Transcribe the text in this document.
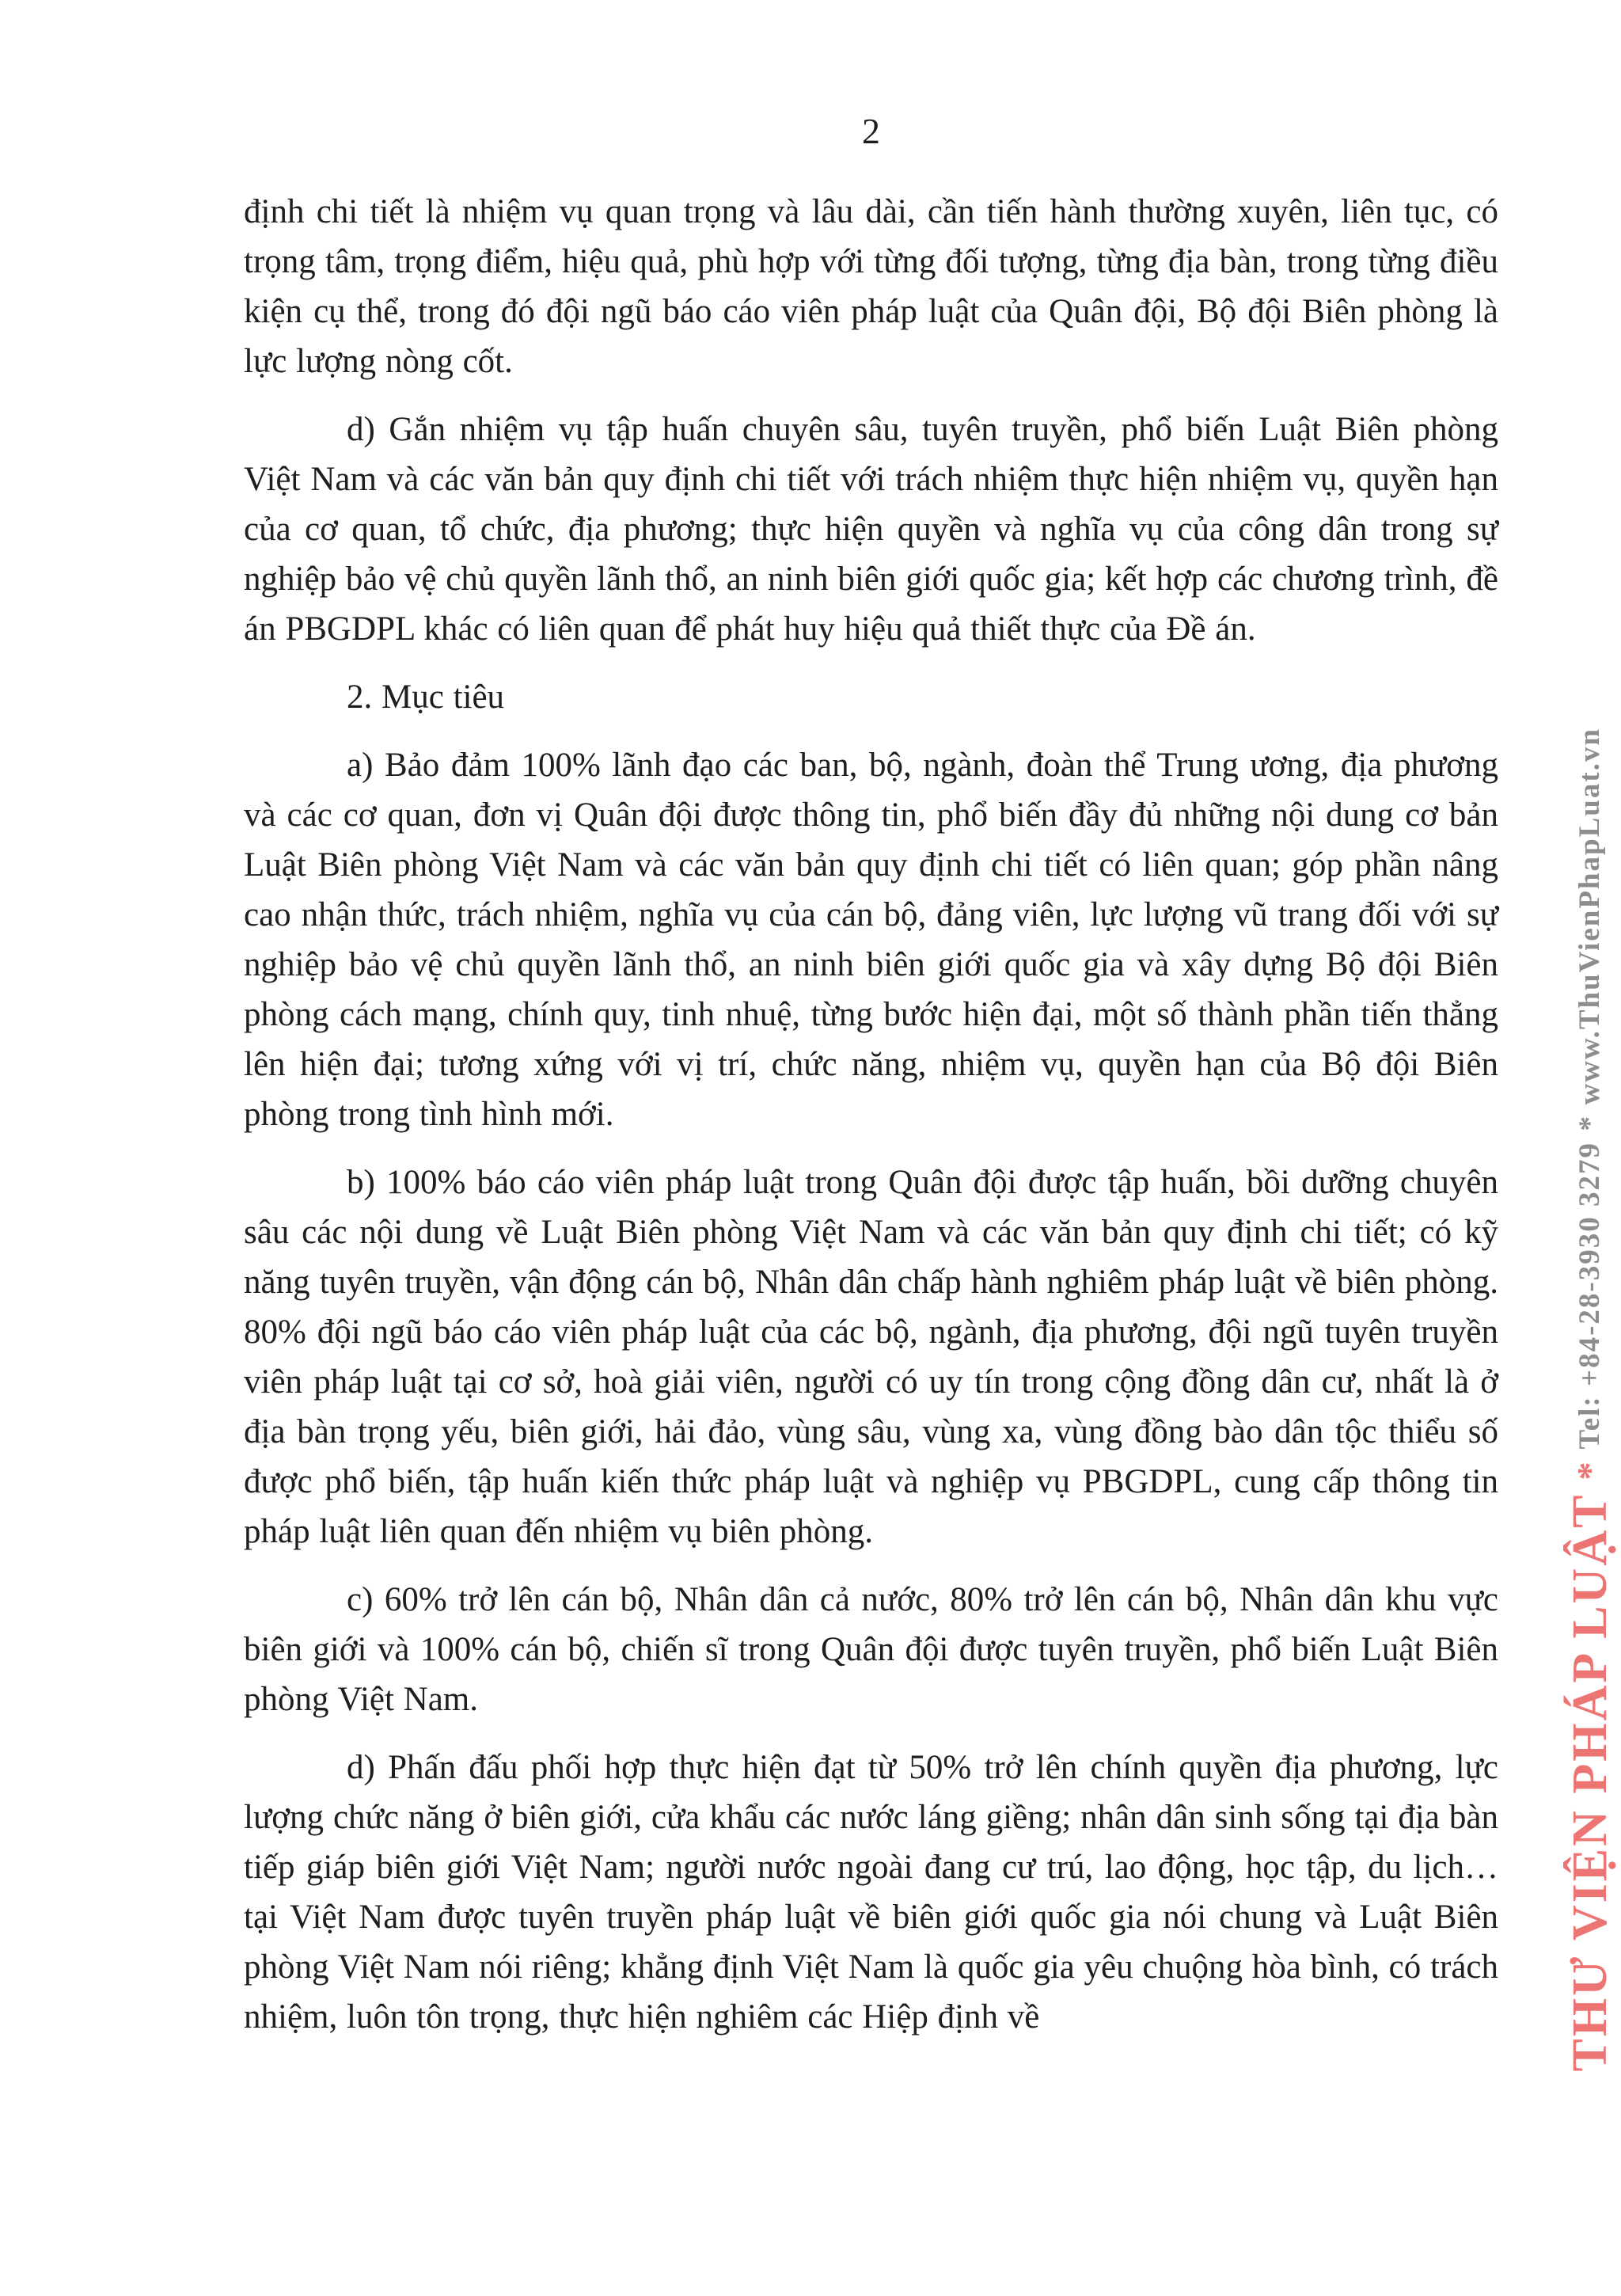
2

định chi tiết là nhiệm vụ quan trọng và lâu dài, cần tiến hành thường xuyên, liên tục, có trọng tâm, trọng điểm, hiệu quả, phù hợp với từng đối tượng, từng địa bàn, trong từng điều kiện cụ thể, trong đó đội ngũ báo cáo viên pháp luật của Quân đội, Bộ đội Biên phòng là lực lượng nòng cốt.

d) Gắn nhiệm vụ tập huấn chuyên sâu, tuyên truyền, phổ biến Luật Biên phòng Việt Nam và các văn bản quy định chi tiết với trách nhiệm thực hiện nhiệm vụ, quyền hạn của cơ quan, tổ chức, địa phương; thực hiện quyền và nghĩa vụ của công dân trong sự nghiệp bảo vệ chủ quyền lãnh thổ, an ninh biên giới quốc gia; kết hợp các chương trình, đề án PBGDPL khác có liên quan để phát huy hiệu quả thiết thực của Đề án.

2. Mục tiêu

a) Bảo đảm 100% lãnh đạo các ban, bộ, ngành, đoàn thể Trung ương, địa phương và các cơ quan, đơn vị Quân đội được thông tin, phổ biến đầy đủ những nội dung cơ bản Luật Biên phòng Việt Nam và các văn bản quy định chi tiết có liên quan; góp phần nâng cao nhận thức, trách nhiệm, nghĩa vụ của cán bộ, đảng viên, lực lượng vũ trang đối với sự nghiệp bảo vệ chủ quyền lãnh thổ, an ninh biên giới quốc gia và xây dựng Bộ đội Biên phòng cách mạng, chính quy, tinh nhuệ, từng bước hiện đại, một số thành phần tiến thẳng lên hiện đại; tương xứng với vị trí, chức năng, nhiệm vụ, quyền hạn của Bộ đội Biên phòng trong tình hình mới.

b) 100% báo cáo viên pháp luật trong Quân đội được tập huấn, bồi dưỡng chuyên sâu các nội dung về Luật Biên phòng Việt Nam và các văn bản quy định chi tiết; có kỹ năng tuyên truyền, vận động cán bộ, Nhân dân chấp hành nghiêm pháp luật về biên phòng. 80% đội ngũ báo cáo viên pháp luật của các bộ, ngành, địa phương, đội ngũ tuyên truyền viên pháp luật tại cơ sở, hoà giải viên, người có uy tín trong cộng đồng dân cư, nhất là ở địa bàn trọng yếu, biên giới, hải đảo, vùng sâu, vùng xa, vùng đồng bào dân tộc thiểu số được phổ biến, tập huấn kiến thức pháp luật và nghiệp vụ PBGDPL, cung cấp thông tin pháp luật liên quan đến nhiệm vụ biên phòng.

c) 60% trở lên cán bộ, Nhân dân cả nước, 80% trở lên cán bộ, Nhân dân khu vực biên giới và 100% cán bộ, chiến sĩ trong Quân đội được tuyên truyền, phổ biến Luật Biên phòng Việt Nam.

d) Phấn đấu phối hợp thực hiện đạt từ 50% trở lên chính quyền địa phương, lực lượng chức năng ở biên giới, cửa khẩu các nước láng giềng; nhân dân sinh sống tại địa bàn tiếp giáp biên giới Việt Nam; người nước ngoài đang cư trú, lao động, học tập, du lịch… tại Việt Nam được tuyên truyền pháp luật về biên giới quốc gia nói chung và Luật Biên phòng Việt Nam nói riêng; khẳng định Việt Nam là quốc gia yêu chuộng hòa bình, có trách nhiệm, luôn tôn trọng, thực hiện nghiêm các Hiệp định về	THƯ VIỆN PHÁP LUẬT*Tel: +84-28-3930 3279*www.ThuVienPhapLuat.vn
